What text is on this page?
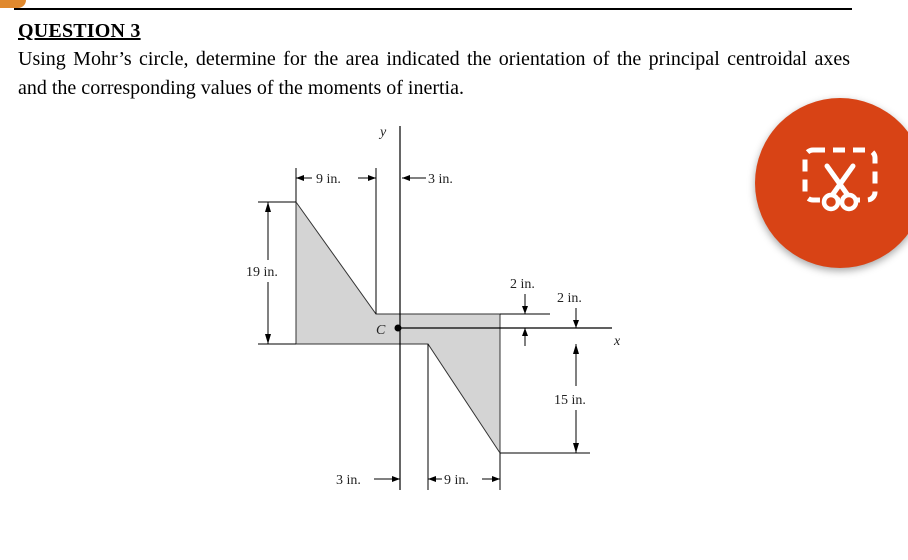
QUESTION 3
Using Mohr’s circle, determine for the area indicated the orientation of the principal centroidal axes and the corresponding values of the moments of inertia.
y
x
C
9 in.	3 in.
19 in.
2 in.
2 in.
15 in.
3 in.	9 in.
